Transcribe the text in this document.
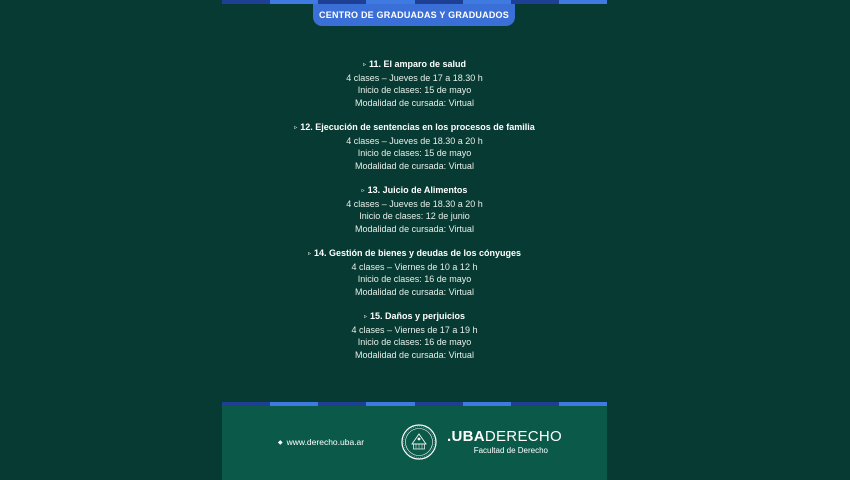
CENTRO DE GRADUADAS Y GRADUADOS
▹ 11. El amparo de salud
4 clases – Jueves de 17 a 18.30 h
Inicio de clases: 15 de mayo
Modalidad de cursada: Virtual
▹ 12. Ejecución de sentencias en los procesos de familia
4 clases – Jueves de 18.30 a 20 h
Inicio de clases: 15 de mayo
Modalidad de cursada: Virtual
▹ 13. Juicio de Alimentos
4 clases – Jueves de 18.30 a 20 h
Inicio de clases: 12 de junio
Modalidad de cursada: Virtual
▹ 14. Gestión de bienes y deudas de los cónyuges
4 clases – Viernes de 10 a 12 h
Inicio de clases: 16 de mayo
Modalidad de cursada: Virtual
▹ 15. Daños y perjuicios
4 clases – Viernes de 17 a 19 h
Inicio de clases: 16 de mayo
Modalidad de cursada: Virtual
◆ www.derecho.uba.ar	.UBADERECHO
Facultad de Derecho
